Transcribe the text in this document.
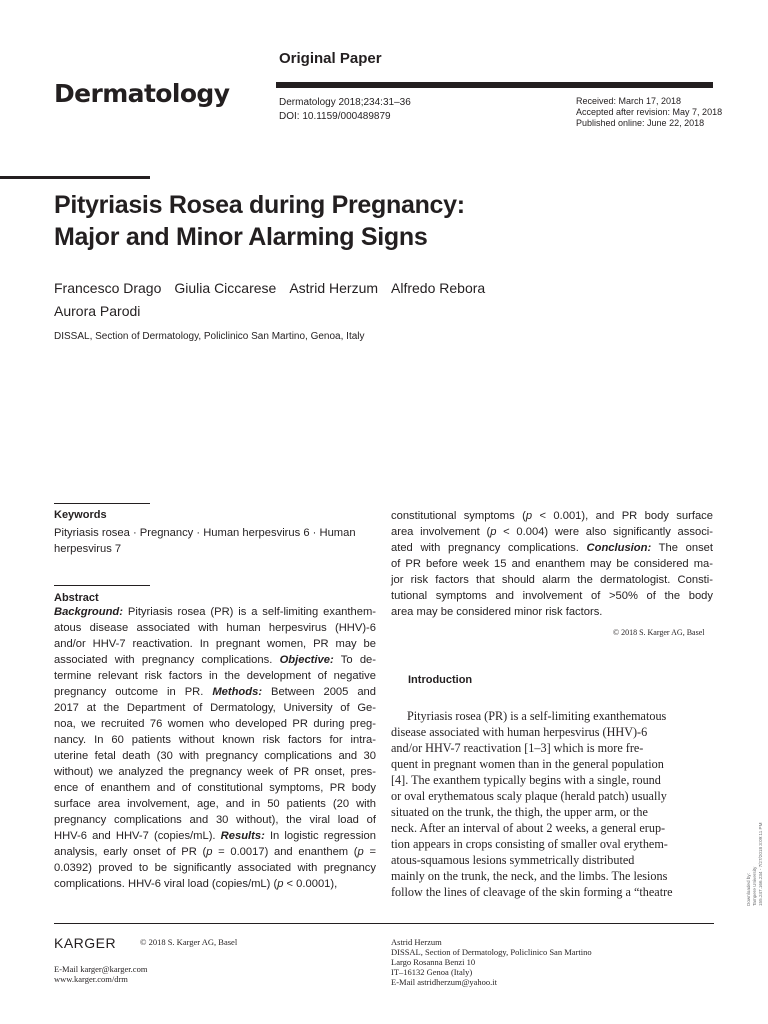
Original Paper
Dermatology	Dermatology 2018;234:31–36
DOI: 10.1159/000489879
Received: March 17, 2018
Accepted after revision: May 7, 2018
Published online: June 22, 2018
Pityriasis Rosea during Pregnancy:
Major and Minor Alarming Signs
Francesco Drago Giulia Ciccarese Astrid Herzum Alfredo Rebora
Aurora Parodi
DISSAL, Section of Dermatology, Policlinico San Martino, Genoa, Italy
Keywords
Pityriasis rosea · Pregnancy · Human herpesvirus 6 · Human
herpesvirus 7
Abstract
Background: Pityriasis rosea (PR) is a self-limiting exanthem-
atous disease associated with human herpesvirus (HHV)-6
and/or HHV-7 reactivation. In pregnant women, PR may be
associated with pregnancy complications. Objective: To de-
termine relevant risk factors in the development of negative
pregnancy outcome in PR. Methods: Between 2005 and
2017 at the Department of Dermatology, University of Ge-
noa, we recruited 76 women who developed PR during preg-
nancy. In 60 patients without known risk factors for intra-
uterine fetal death (30 with pregnancy complications and 30
without) we analyzed the pregnancy week of PR onset, pres-
ence of enanthem and of constitutional symptoms, PR body
surface area involvement, age, and in 50 patients (20 with
pregnancy complications and 30 without), the viral load of
HHV-6 and HHV-7 (copies/mL). Results: In logistic regression
analysis, early onset of PR (p = 0.0017) and enanthem (p =
0.0392) proved to be significantly associated with pregnancy
complications. HHV-6 viral load (copies/mL) (p < 0.0001),
constitutional symptoms (p < 0.001), and PR body surface
area involvement (p < 0.004) were also significantly associ-
ated with pregnancy complications. Conclusion: The onset
of PR before week 15 and enanthem may be considered ma-
jor risk factors that should alarm the dermatologist. Consti-
tutional symptoms and involvement of >50% of the body
area may be considered minor risk factors.
© 2018 S. Karger AG, Basel
Introduction
Pityriasis rosea (PR) is a self-limiting exanthematous
disease associated with human herpesvirus (HHV)-6
and/or HHV-7 reactivation [1–3] which is more fre-
quent in pregnant women than in the general population
[4]. The exanthem typically begins with a single, round
or oval erythematous scaly plaque (herald patch) usually
situated on the trunk, the thigh, the upper arm, or the
neck. After an interval of about 2 weeks, a general erup-
tion appears in crops consisting of smaller oval erythem-
atous-squamous lesions symmetrically distributed
mainly on the trunk, the neck, and the limbs. The lesions
follow the lines of cleavage of the skin forming a “theatre
KARGER	© 2018 S. Karger AG, Basel
E-Mail karger@karger.com
www.karger.com/drm
Astrid Herzum
DISSAL, Section of Dermatology, Policlinico San Martino
Largo Rosanna Benzi 10
IT–16132 Genoa (Italy)
E-Mail astridherzum@yahoo.it
Downloaded by: Tampere University 155.247.166.234 - 7/27/2018 3:09:11 PM
